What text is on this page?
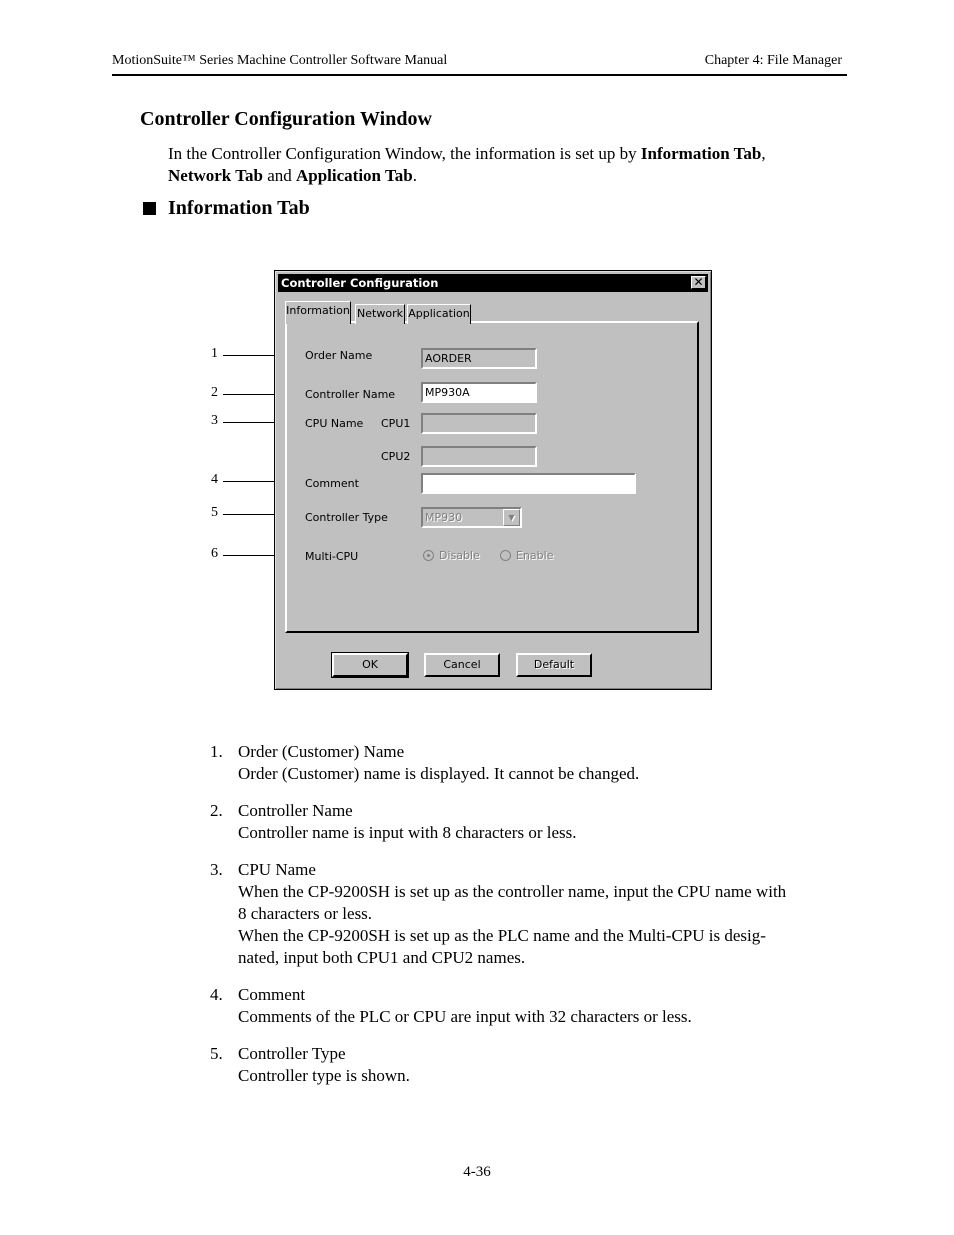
MotionSuite™ Series Machine Controller Software Manual	Chapter 4: File Manager
Controller Configuration Window
In the Controller Configuration Window, the information is set up by Information Tab,
Network Tab and Application Tab.
Information Tab
1
2
3
4
5
6
Controller Configuration	✕
Information Network Application
Order Name	AORDER
Controller Name	MP930A
CPU Name CPU1
CPU2
Comment
Controller Type	MP930	▼
Multi-CPU	Disable	Enable
OK	Cancel	Default
1. Order (Customer) Name
Order (Customer) name is displayed. It cannot be changed.
2. Controller Name
Controller name is input with 8 characters or less.
3. CPU Name
When the CP-9200SH is set up as the controller name, input the CPU name with
8 characters or less.
When the CP-9200SH is set up as the PLC name and the Multi-CPU is desig-
nated, input both CPU1 and CPU2 names.
4. Comment
Comments of the PLC or CPU are input with 32 characters or less.
5. Controller Type
Controller type is shown.
4-36
